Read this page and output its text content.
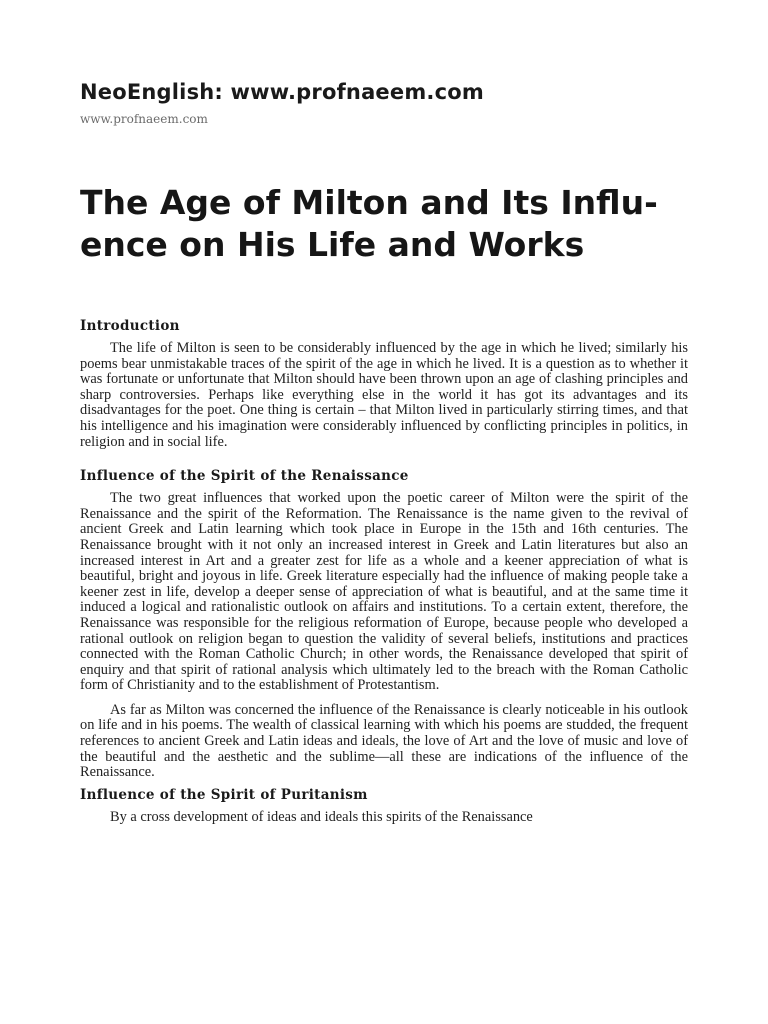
NeoEnglish: www.profnaeem.com
www.profnaeem.com
The Age of Milton and Its Influ-
ence on His Life and Works
Introduction

The life of Milton is seen to be considerably influenced by the age in which he lived; similarly his poems bear unmistakable traces of the spirit of the age in which he lived. It is a question as to whether it was fortunate or unfortunate that Milton should have been thrown upon an age of clashing principles and sharp controversies. Perhaps like everything else in the world it has got its advantages and its disadvantages for the poet. One thing is certain – that Milton lived in particularly stirring times, and that his intelligence and his imagination were considerably influenced by conflicting principles in politics, in religion and in social life.

Influence of the Spirit of the Renaissance

The two great influences that worked upon the poetic career of Milton were the spirit of the Renaissance and the spirit of the Reformation. The Renaissance is the name given to the revival of ancient Greek and Latin learning which took place in Europe in the 15th and 16th centuries. The Renaissance brought with it not only an increased interest in Greek and Latin literatures but also an increased interest in Art and a greater zest for life as a whole and a keener appreciation of what is beautiful, bright and joyous in life. Greek literature especially had the influence of making people take a keener zest in life, develop a deeper sense of appreciation of what is beautiful, and at the same time it induced a logical and rationalistic outlook on affairs and institutions. To a certain extent, therefore, the Renaissance was responsible for the religious reformation of Europe, because people who developed a rational outlook on religion began to question the validity of several beliefs, institutions and practices connected with the Roman Catholic Church; in other words, the Renaissance developed that spirit of enquiry and that spirit of rational analysis which ultimately led to the breach with the Roman Catholic form of Christianity and to the establishment of Protestantism.

As far as Milton was concerned the influence of the Renaissance is clearly noticeable in his outlook on life and in his poems. The wealth of classical learning with which his poems are studded, the frequent references to ancient Greek and Latin ideas and ideals, the love of Art and the love of music and love of the beautiful and the aesthetic and the sublime—all these are indications of the influence of the Renaissance.

Influence of the Spirit of Puritanism

By a cross development of ideas and ideals this spirits of the Renaissance
